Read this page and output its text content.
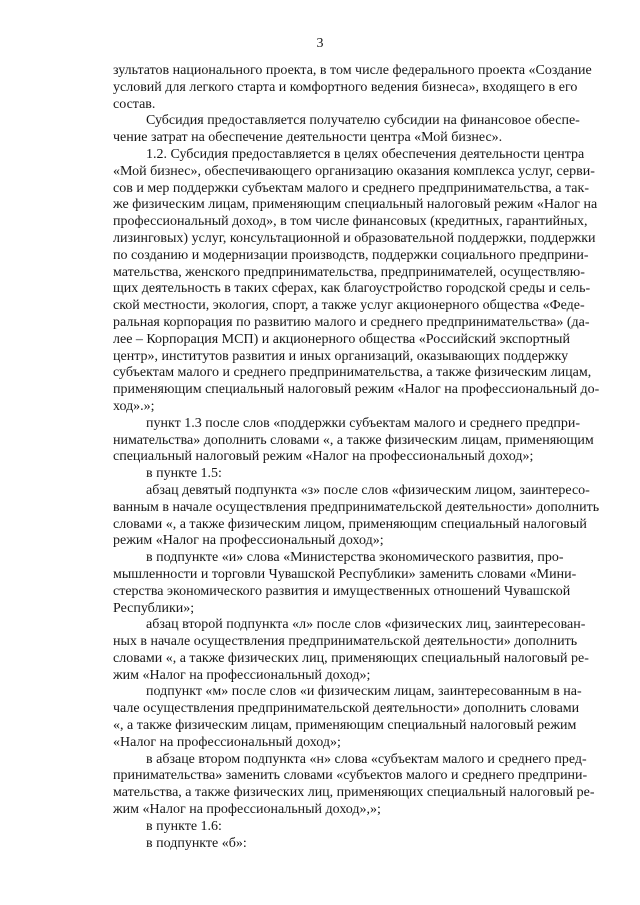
3
зультатов национального проекта, в том числе федерального проекта «Создание
условий для легкого старта и комфортного ведения бизнеса», входящего в его
состав.
Субсидия предоставляется получателю субсидии на финансовое обеспе-
чение затрат на обеспечение деятельности центра «Мой бизнес».
1.2. Субсидия предоставляется в целях обеспечения деятельности центра
«Мой бизнес», обеспечивающего организацию оказания комплекса услуг, серви-
сов и мер поддержки субъектам малого и среднего предпринимательства, а так-
же физическим лицам, применяющим специальный налоговый режим «Налог на
профессиональный доход», в том числе финансовых (кредитных, гарантийных,
лизинговых) услуг, консультационной и образовательной поддержки, поддержки
по созданию и модернизации производств, поддержки социального предприни-
мательства, женского предпринимательства, предпринимателей, осуществляю-
щих деятельность в таких сферах, как благоустройство городской среды и сель-
ской местности, экология, спорт, а также услуг акционерного общества «Феде-
ральная корпорация по развитию малого и среднего предпринимательства» (да-
лее – Корпорация МСП) и акционерного общества «Российский экспортный
центр», институтов развития и иных организаций, оказывающих поддержку
субъектам малого и среднего предпринимательства, а также физическим лицам,
применяющим специальный налоговый режим «Налог на профессиональный до-
ход».»;
пункт 1.3 после слов «поддержки субъектам малого и среднего предпри-
нимательства» дополнить словами «, а также физическим лицам, применяющим
специальный налоговый режим «Налог на профессиональный доход»;
в пункте 1.5:
абзац девятый подпункта «з» после слов «физическим лицом, заинтересо-
ванным в начале осуществления предпринимательской деятельности» дополнить
словами «, а также физическим лицом, применяющим специальный налоговый
режим «Налог на профессиональный доход»;
в подпункте «и» слова «Министерства экономического развития, про-
мышленности и торговли Чувашской Республики» заменить словами «Мини-
стерства экономического развития и имущественных отношений Чувашской
Республики»;
абзац второй подпункта «л» после слов «физических лиц, заинтересован-
ных в начале осуществления предпринимательской деятельности» дополнить
словами «, а также физических лиц, применяющих специальный налоговый ре-
жим «Налог на профессиональный доход»;
подпункт «м» после слов «и физическим лицам, заинтересованным в на-
чале осуществления предпринимательской деятельности» дополнить словами
«, а также физическим лицам, применяющим специальный налоговый режим
«Налог на профессиональный доход»;
в абзаце втором подпункта «н» слова «субъектам малого и среднего пред-
принимательства» заменить словами «субъектов малого и среднего предприни-
мательства, а также физических лиц, применяющих специальный налоговый ре-
жим «Налог на профессиональный доход»,»;
в пункте 1.6:
в подпункте «б»:
